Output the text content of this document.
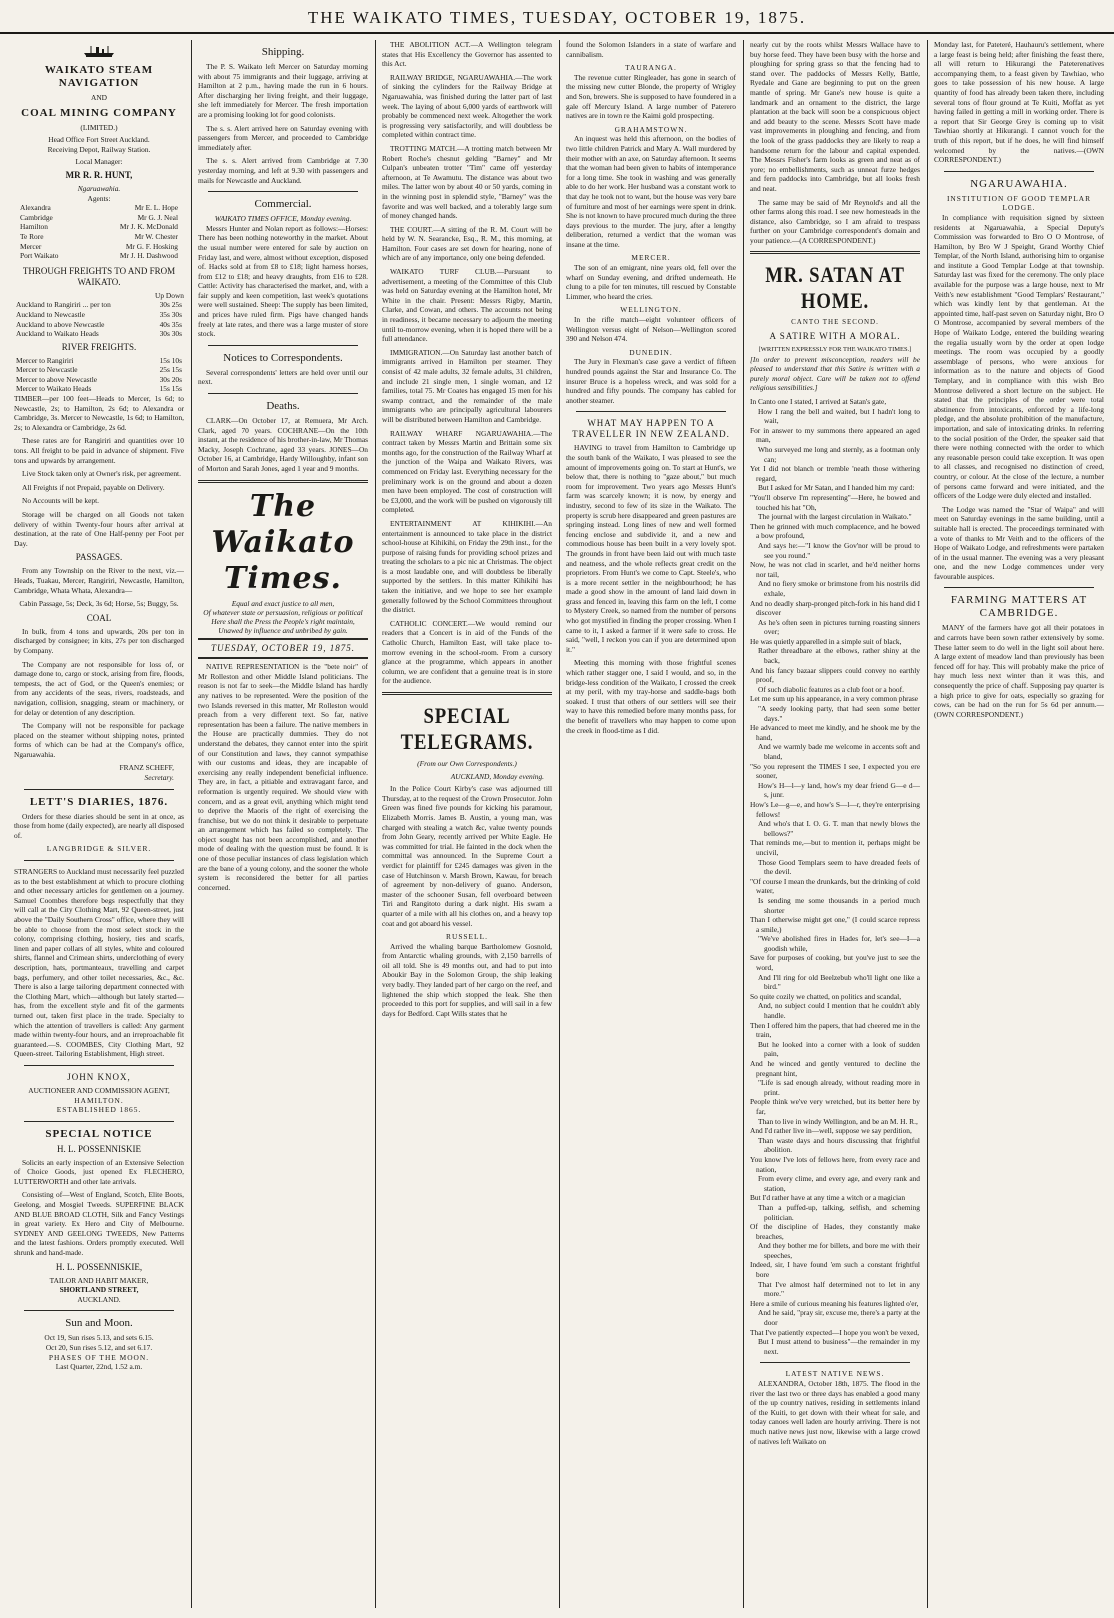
THE WAIKATO TIMES, TUESDAY, OCTOBER 19, 1875.
WAIKATO STEAM NAVIGATION
AND
COAL MINING COMPANY
(LIMITED.)
Head Office Fort Street Auckland.
Receiving Depot, Railway Station.
Local Manager:
MR R. R. HUNT,
Ngaruawahia.
Agents:
Alexandra	Mr E. L. Hope
Cambridge	Mr G. J. Neal
Hamilton	Mr J. K. McDonald
Te Rore	Mr W. Chester
Mercer	Mr G. F. Hosking
Port Waikato	Mr J. H. Dashwood
THROUGH FREIGHTS TO AND FROM WAIKATO.
Up Down
Auckland to Rangiriri ... per ton	30s 25s
Auckland to Newcastle	35s 30s
Auckland to above Newcastle	40s 35s
Auckland to Waikato Heads	30s 30s
RIVER FREIGHTS.
Mercer to Rangiriri	15s 10s
Mercer to Newcastle	25s 15s
Mercer to above Newcastle	30s 20s
Mercer to Waikato Heads	15s 15s

TIMBER—per 100 feet—Heads to Mercer, 1s 6d; to Newcastle, 2s; to Hamilton, 2s 6d; to Alexandra or Cambridge, 3s. Mercer to Newcastle, 1s 6d; to Hamilton, 2s; to Alexandra or Cambridge, 2s 6d.

These rates are for Rangiriri and quantities over 10 tons. All freight to be paid in advance of shipment. Five tons and upwards by arrangement.

Live Stock taken only at Owner's risk, per agreement.

All Freights if not Prepaid, payable on Delivery.

No Accounts will be kept.

Storage will be charged on all Goods not taken delivery of within Twenty-four hours after arrival at destination, at the rate of One Half-penny per Foot per Day.

PASSAGES.

From any Township on the River to the next, viz.—Heads, Tuakau, Mercer, Rangiriri, Newcastle, Hamilton, Cambridge, Whata Whata, Alexandra—

Cabin Passage, 5s; Deck, 3s 6d; Horse, 5s; Buggy, 5s.

COAL

In bulk, from 4 tons and upwards, 20s per ton in discharged by consignee; in kits, 27s per ton discharged by Company.

The Company are not responsible for loss of, or damage done to, cargo or stock, arising from fire, floods, tempests, the act of God, or the Queen's enemies; or from any accidents of the seas, rivers, roadsteads, and navigation, collision, snagging, steam or machinery, or for delay or detention of any description.

The Company will not be responsible for package placed on the steamer without shipping notes, printed forms of which can be had at the Company's office, Ngaruawahia.

FRANZ SCHEFF,
Secretary.
LETT'S DIARIES, 1876.

Orders for these diaries should be sent in at once, as those from home (daily expected), are nearly all disposed of.

LANGBRIDGE & SILVER.

STRANGERS to Auckland must necessarily feel puzzled as to the best establishment at which to procure clothing and other necessary articles for gentlemen on a journey. Samuel Coombes therefore begs respectfully that they will call at the City Clothing Mart, 92 Queen-street, just above the "Daily Southern Cross" office, where they will be able to choose from the most select stock in the colony, comprising clothing, hosiery, ties and scarfs, linen and paper collars of all styles, white and coloured shirts, flannel and Crimean shirts, underclothing of every description, hats, portmanteaux, travelling and carpet bags, perfumery, and other toilet necessaries, &c., &c. There is also a large tailoring department connected with the Clothing Mart, which—although but lately started—has, from the excellent style and fit of the garments turned out, taken first place in the trade. Specialty to which the attention of travellers is called: Any garment made within twenty-four hours, and an irreproachable fit guaranteed.—S. COOMBES, City Clothing Mart, 92 Queen-street. Tailoring Establishment, High street.

JOHN KNOX,
AUCTIONEER AND COMMISSION AGENT,
HAMILTON.
ESTABLISHED 1865.
SPECIAL NOTICE
H. L. POSSENNISKIE

Solicits an early inspection of an Extensive Selection of Choice Goods, just opened Ex FLECHERO, LUTTERWORTH and other late arrivals.

Consisting of—West of England, Scotch, Elite Boots, Geelong, and Mosgiel Tweeds. SUPERFINE BLACK AND BLUE BROAD CLOTH, Silk and Fancy Vestings in great variety. Ex Hero and City of Melbourne. SYDNEY AND GEELONG TWEEDS, New Patterns and the latest fashions. Orders promptly executed. Well shrunk and hand-made.

H. L. POSSENNISKIE,
TAILOR AND HABIT MAKER,
SHORTLAND STREET,
AUCKLAND.
Sun and Moon.
Oct 19, Sun rises 5.13, and sets 6.15.
Oct 20, Sun rises 5.12, and set 6.17.
PHASES OF THE MOON.
Last Quarter, 22nd, 1.52 a.m.
Shipping.

The P. S. Waikato left Mercer on Saturday morning with about 75 immigrants and their luggage, arriving at Hamilton at 2 p.m., having made the run in 6 hours. After discharging her living freight, and their luggage, she left immediately for Mercer. The fresh importation are a promising looking lot for good colonists.

The s. s. Alert arrived here on Saturday evening with passengers from Mercer, and proceeded to Cambridge immediately after.

The s. s. Alert arrived from Cambridge at 7.30 yesterday morning, and left at 9.30 with passengers and mails for Newcastle and Auckland.

Commercial.
WAIKATO TIMES OFFICE, Monday evening.

Messrs Hunter and Nolan report as follows:—Horses: There has been nothing noteworthy in the market. About the usual number were entered for sale by auction on Friday last, and were, almost without exception, disposed of. Hacks sold at from £8 to £18; light harness horses, from £12 to £18; and heavy draughts, from £16 to £28. Cattle: Activity has characterised the market, and, with a fair supply and keen competition, last week's quotations were well sustained. Sheep: The supply has been limited, and prices have ruled firm. Pigs have changed hands freely at late rates, and there was a large muster of store stock.

Notices to Correspondents.

Several correspondents' letters are held over until our next.

Deaths.

CLARK—On October 17, at Remuera, Mr Arch. Clark, aged 70 years. COCHRANE—On the 10th instant, at the residence of his brother-in-law, Mr Thomas Macky, Joseph Cochrane, aged 33 years. JONES—On October 16, at Cambridge, Hardy Willoughby, infant son of Morton and Sarah Jones, aged 1 year and 9 months.

The Waikato Times.
Equal and exact justice to all men,
Of whatever state or persuasion, religious or political
Here shall the Press the People's right maintain,
Unawed by influence and unbribed by gain.
TUESDAY, OCTOBER 19, 1875.

NATIVE REPRESENTATION is the "bete noir" of Mr Rolleston and other Middle Island politicians. The reason is not far to seek—the Middle Island has hardly any natives to be represented. Were the position of the two Islands reversed in this matter, Mr Rolleston would preach from a very different text. So far, native representation has been a failure. The native members in the House are practically dummies. They do not understand the debates, they cannot enter into the spirit of our Constitution and laws, they cannot sympathise with our customs and ideas, they are incapable of exercising any really independent beneficial influence. They are, in fact, a pitiable and extravagant farce, and reformation is urgently required. We should view with concern, and as a great evil, anything which might tend to deprive the Maoris of the right of exercising the franchise, but we do not think it desirable to perpetuate an arrangement which has failed so completely. The object sought has not been accomplished, and another mode of dealing with the question must be found. It is one of those peculiar instances of class legislation which are the bane of a young colony, and the sooner the whole system is reconsidered the better for all parties concerned.

THE ABOLITION ACT.—A Wellington telegram states that His Excellency the Governor has assented to this Act.

RAILWAY BRIDGE, NGARUAWAHIA.—The work of sinking the cylinders for the Railway Bridge at Ngaruawahia, was finished during the latter part of last week. The laying of about 6,000 yards of earthwork will probably be commenced next week. Altogether the work is progressing very satisfactorily, and will doubtless be completed within contract time.

TROTTING MATCH.—A trotting match between Mr Robert Roche's chesnut gelding "Barney" and Mr Culpan's unbeaten trotter "Tim" came off yesterday afternoon, at Te Awamutu. The distance was about two miles. The latter won by about 40 or 50 yards, coming in in the winning post in splendid style, "Barney" was the favorite and was well backed, and a tolerably large sum of money changed hands.

THE COURT.—A sitting of the R. M. Court will be held by W. N. Searancke, Esq., R. M., this morning, at Hamilton. Four cases are set down for hearing, none of which are of any importance, only one being defended.

WAIKATO TURF CLUB.—Pursuant to advertisement, a meeting of the Committee of this Club was held on Saturday evening at the Hamilton hotel, Mr White in the chair. Present: Messrs Rigby, Martin, Clarke, and Cowan, and others. The accounts not being in readiness, it became necessary to adjourn the meeting until to-morrow evening, when it is hoped there will be a full attendance.

IMMIGRATION.—On Saturday last another batch of immigrants arrived in Hamilton per steamer. They consist of 42 male adults, 32 female adults, 31 children, and include 21 single men, 1 single woman, and 12 families, total 75. Mr Coates has engaged 15 men for his swamp contract, and the remainder of the male immigrants who are principally agricultural labourers will be distributed between Hamilton and Cambridge.

RAILWAY WHARF NGARUAWAHIA.—The contract taken by Messrs Martin and Brittain some six months ago, for the construction of the Railway Wharf at the junction of the Waipa and Waikato Rivers, was commenced on Friday last. Everything necessary for the preliminary work is on the ground and about a dozen men have been employed. The cost of construction will be £3,000, and the work will be pushed on vigorously till completed.

ENTERTAINMENT AT KIHIKIHI.—An entertainment is announced to take place in the district school-house at Kihikihi, on Friday the 29th inst., for the purpose of raising funds for providing school prizes and treating the scholars to a pic nic at Christmas. The object is a most laudable one, and will doubtless be liberally supported by the settlers. In this matter Kihikihi has taken the initiative, and we hope to see her example generally followed by the School Committees throughout the district.

CATHOLIC CONCERT.—We would remind our readers that a Concert is in aid of the Funds of the Catholic Church, Hamilton East, will take place to-morrow evening in the school-room. From a cursory glance at the programme, which appears in another column, we are confident that a genuine treat is in store for the audience.

SPECIAL TELEGRAMS.
(From our Own Correspondents.)
AUCKLAND, Monday evening.

In the Police Court Kirby's case was adjourned till Thursday, at to the request of the Crown Prosecutor. John Green was fined five pounds for kicking his paramour, Elizabeth Morris. James B. Austin, a young man, was charged with stealing a watch &c, value twenty pounds from John Geary, recently arrived per White Eagle. He was committed for trial. He fainted in the dock when the committal was announced. In the Supreme Court a verdict for plaintiff for £245 damages was given in the case of Hutchinson v. Marsh Brown, Kawau, for breach of agreement by non-delivery of guano. Anderson, master of the schooner Susan, fell overboard between Tiri and Rangitoto during a dark night. His swam a quarter of a mile with all his clothes on, and a heavy top coat and got aboard his vessel.

RUSSELL.

Arrived the whaling barque Bartholomew Gosnold, from Antarctic whaling grounds, with 2,150 barrells of oil all told. She is 49 months out, and had to put into Aboukir Bay in the Solomon Group, the ship leaking very badly. They landed part of her cargo on the reef, and lightened the ship which stopped the leak. She then proceeded to this port for supplies, and will sail in a few days for Bedford. Capt Wills states that he

found the Solomon Islanders in a state of warfare and cannibalism.

TAURANGA.

The revenue cutter Ringleader, has gone in search of the missing new cutter Blonde, the property of Wrigley and Son, brewers. She is supposed to have foundered in a gale off Mercury Island. A large number of Paterero natives are in town re the Kaimi gold prospecting.

GRAHAMSTOWN.

An inquest was held this afternoon, on the bodies of two little children Patrick and Mary A. Wall murdered by their mother with an axe, on Saturday afternoon. It seems that the woman had been given to habits of intemperance for a long time. She took in washing and was generally able to do her work. Her husband was a constant work to that day he took not to want, but the house was very bare of furniture and most of her earnings were spent in drink. She is not known to have procured much during the three days previous to the murder. The jury, after a lengthy deliberation, returned a verdict that the woman was insane at the time.

MERCER.

The son of an emigrant, nine years old, fell over the wharf on Sunday evening, and drifted underneath. He clung to a pile for ten minutes, till rescued by Constable Limmer, who heard the cries.

WELLINGTON.

In the rifle match—eight volunteer officers of Wellington versus eight of Nelson—Wellington scored 390 and Nelson 474.

DUNEDIN.

The Jury in Flexman's case gave a verdict of fifteen hundred pounds against the Star and Insurance Co. The insurer Bruce is a hopeless wreck, and was sold for a hundred and fifty pounds. The company has cabled for another steamer.

WHAT MAY HAPPEN TO A TRAVELLER IN NEW ZEALAND.

HAVING to travel from Hamilton to Cambridge up the south bank of the Waikato, I was pleased to see the amount of improvements going on. To start at Hunt's, we below that, there is nothing to "gaze about," but much room for improvement. Two years ago Messrs Hunt's farm was scarcely known; it is now, by energy and industry, second to few of its size in the Waikato. The property is scrub here disappeared and green pastures are springing instead. Long lines of new and well formed fencing enclose and subdivide it, and a new and commodious house has been built in a very lovely spot. The grounds in front have been laid out with much taste and neatness, and the whole reflects great credit on the proprietors. From Hunt's we come to Capt. Steele's, who is a more recent settler in the neighbourhood; he has made a good show in the amount of land laid down in grass and fenced in, leaving this farm on the left, I come to Mystery Creek, so named from the number of persons who got mystified in finding the proper crossing. When I came to it, I asked a farmer if it were safe to cross. He said, "well, I reckon you can if you are determined upon it."

Meeting this morning with those frightful scenes which rather stagger one, I said I would, and so, in the bridge-less condition of the Waikato, I crossed the creek at my peril, with my tray-horse and saddle-bags both soaked. I trust that others of our settlers will see their way to have this remedied before many months pass, for the benefit of travellers who may happen to come upon the creek in flood-time as I did.

nearly cut by the roots whilst Messrs Wallace have to buy horse feed. They have been busy with the horse and ploughing for spring grass so that the fencing had to stand over. The paddocks of Messrs Kelly, Battle, Ryedale and Gane are beginning to put on the green mantle of spring. Mr Gane's new house is quite a landmark and an ornament to the district, the large plantation at the back will soon be a conspicuous object and add beauty to the scene. Messrs Scott have made vast improvements in ploughing and fencing, and from the look of the grass paddocks they are likely to reap a handsome return for the labour and capital expended. The Messrs Fisher's farm looks as green and neat as of yore; no embellishments, such as unneat furze hedges and fern paddocks into Cambridge, but all looks fresh and neat.

The same may be said of Mr Reynold's and all the other farms along this road. I see new homesteads in the distance, also Cambridge, so I am afraid to trespass further on your Cambridge correspondent's domain and your patience.—(A CORRESPONDENT.)

MR. SATAN AT HOME.
CANTO THE SECOND.
A SATIRE WITH A MORAL.
[WRITTEN EXPRESSLY FOR THE WAIKATO TIMES.]

[In order to prevent misconception, readers will be pleased to understand that this Satire is written with a purely moral object. Care will be taken not to offend religious sensibilities.]

In Canto one I stated, I arrived at Satan's gate,
How I rang the bell and waited, but I hadn't long to wait,
For in answer to my summons there appeared an aged man,
Who surveyed me long and sternly, as a footman only can;
Yet I did not blanch or tremble 'neath those withering regard,
But I asked for Mr Satan, and I handed him my card:
"You'll observe I'm representing"—Here, he bowed and touched his hat "Oh,
The journal with the largest circulation in Waikato."
Then he grinned with much complacence, and he bowed a bow profound,
And says he:—"I know the Gov'nor will be proud to see you round."
Now, he was not clad in scarlet, and he'd neither horns nor tail,
And no fiery smoke or brimstone from his nostrils did exhale,
And no deadly sharp-pronged pitch-fork in his hand did I discover
As he's often seen in pictures turning roasting sinners over;
He was quietly apparelled in a simple suit of black,
Rather threadbare at the elbows, rather shiny at the back,
And his fancy bazaar slippers could convey no earthly proof,
Of such diabolic features as a club foot or a hoof.
Let me sum up his appearance, in a very common phrase
"A seedy looking party, that had seen some better days."
He advanced to meet me kindly, and he shook me by the hand,
And we warmly bade me welcome in accents soft and bland,
"So you represent the TIMES I see, I expected you ere sooner,
How's H—l—y land, how's my dear friend G—e d—s, junr.
How's Le—g—e, and how's S—l—r, they're enterprising fellows!
And who's that I. O. G. T. man that newly blows the bellows?"
That reminds me,—but to mention it, perhaps might be uncivil,
Those Good Templars seem to have dreaded feels of the devil.
"Of course I mean the drunkards, but the drinking of cold water,
Is sending me some thousands in a period much shorter
Than I otherwise might get one," (I could scarce repress a smile,)
"We've abolished fires in Hades for, let's see—I—a goodish while,
Save for purposes of cooking, but you've just to see the word,
And I'll ring for old Beelzebub who'll light one like a bird."
So quite cozily we chatted, on politics and scandal,
And, no subject could I mention that he couldn't ably handle.
Then I offered him the papers, that had cheered me in the train,
But he looked into a corner with a look of sudden pain,
And he winced and gently ventured to decline the pregnant hint,
"Life is sad enough already, without reading more in print.
People think we've very wretched, but its better here by far,
Than to live in windy Wellington, and be an M. H. R.,
And I'd rather live in—well, suppose we say perdition,
Than waste days and hours discussing that frightful abolition.
You know I've lots of fellows here, from every race and nation,
From every clime, and every age, and every rank and station,
But I'd rather have at any time a witch or a magician
Than a puffed-up, talking, selfish, and scheming politician.
Of the discipline of Hades, they constantly make breaches,
And they bother me for billets, and bore me with their speeches,
Indeed, sir, I have found 'em such a constant frightful bore
That I've almost half determined not to let in any more."
Here a smile of curious meaning his features lighted o'er,
And he said, "pray sir, excuse me, there's a party at the door
That I've patiently expected—I hope you won't be vexed,
But I must attend to business"—the remainder in my next.
LATEST NATIVE NEWS.

ALEXANDRA, October 18th, 1875. The flood in the river the last two or three days has enabled a good many of the up country natives, residing in settlements inland of the Kuiti, to get down with their wheat for sale, and today canoes well laden are hourly arriving. There is not much native news just now, likewise with a large crowd of natives left Waikato on

Monday last, for Pateteré, Hauhauru's settlement, where a large feast is being held; after finishing the feast there, all will return to Hikurangi the Pateterenatives accompanying them, to a feast given by Tawhiao, who goes to take possession of his new house. A large quantity of food has already been taken there, including several tons of flour ground at Te Kuiti, Moffat as yet having failed in getting a mill in working order. There is a report that Sir George Grey is coming up to visit Tawhiao shortly at Hikurangi. I cannot vouch for the truth of this report, but if he does, he will find himself welcomed by the natives.—(OWN CORRESPONDENT.)

NGARUAWAHIA.
INSTITUTION OF GOOD TEMPLAR LODGE.

In compliance with requisition signed by sixteen residents at Ngaruawahia, a Special Deputy's Commission was forwarded to Bro O O Montrose, of Hamilton, by Bro W J Speight, Grand Worthy Chief Templar, of the North Island, authorising him to organise and institute a Good Templar Lodge at that township. Saturday last was fixed for the ceremony. The only place available for the purpose was a large house, next to Mr Veith's new establishment "Good Templars' Restaurant," which was kindly lent by that gentleman. At the appointed time, half-past seven on Saturday night, Bro O O Montrose, accompanied by several members of the Hope of Waikato Lodge, entered the building wearing the regalia usually worn by the order at open lodge meetings. The room was occupied by a goodly assemblage of persons, who were anxious for information as to the nature and objects of Good Templary, and in compliance with this wish Bro Montrose delivered a short lecture on the subject. He stated that the principles of the order were total abstinence from intoxicants, enforced by a life-long pledge, and the absolute prohibition of the manufacture, importation, and sale of intoxicating drinks. In referring to the social position of the Order, the speaker said that there were nothing connected with the order to which any reasonable person could take exception. It was open to all classes, and recognised no distinction of creed, country, or colour. At the close of the lecture, a number of persons came forward and were initiated, and the officers of the Lodge were duly elected and installed.

The Lodge was named the "Star of Waipa" and will meet on Saturday evenings in the same building, until a suitable hall is erected. The proceedings terminated with a vote of thanks to Mr Veith and to the officers of the Hope of Waikato Lodge, and refreshments were partaken of in the usual manner. The evening was a very pleasant one, and the new Lodge commences under very favourable auspices.

FARMING MATTERS AT CAMBRIDGE.

MANY of the farmers have got all their potatoes in and carrots have been sown rather extensively by some. These latter seem to do well in the light soil about here. A large extent of meadow land than previously has been fenced off for hay. This will probably make the price of hay much less next winter than it was this, and consequently the price of chaff. Supposing pay quarter is a high price to give for oats, especially so grazing for cows, can be had on the run for 5s 6d per annum.—(OWN CORRESPONDENT.)
